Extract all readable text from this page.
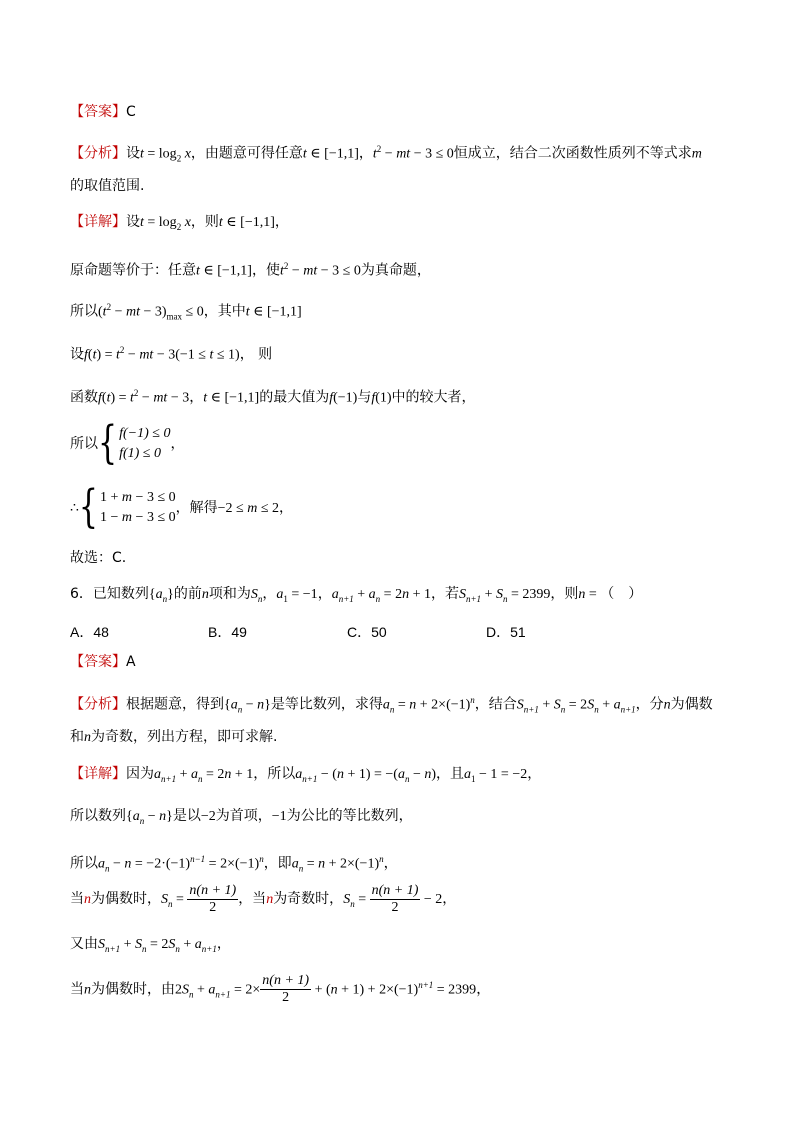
【答案】C
【分析】设$t = \log_2 x$，由题意可得任意t ∈ [−1,1]，$t^2$ − mt − 3 ≤ 0恒成立，结合二次函数性质列不等式求m
的取值范围.
【详解】设$t = \log_2 x$，则t ∈ [−1,1]，
原命题等价于：任意t ∈ [−1,1]，使$t^2$ − mt − 3 ≤ 0为真命题，
所以($t^2$ − mt − $3)_{max} \le 0$，其中t ∈ [−1,1]
设$f(t) = t^2$ − mt − 3(−1 ≤ t ≤ 1)， 则
函数$f(t) = t^2$ − mt − 3，t ∈ [−1,1]的最大值为f(−1)与f(1)中的较大者，
所以{ f(−1) ≤ 0
f(1) ≤ 0
，
∴{ 1 + m − 3 ≤ 0
1 − m − 3 ≤ 0
，解得−2 ≤ m ≤ 2，
故选：C.
6．已知数列$\{a_n\}$的前n项和为$S_n$，$a_1 = -1$，$a_{n+1} + a_n = 2n + 1$，若$S_{n+1} + S_n = 2399$，则n = （　）
A．48	B．49	C．50	D．51
【答案】A
【分析】根据题意，得到$\{a_n - n\}$是等比数列，求得$a_n = n + 2\times(-1)^n$，结合$S_{n+1} + S_n = 2S_n + a_{n+1}$，分n为偶数
和n为奇数，列出方程，即可求解.
【详解】因为$a_{n+1} + a_n = 2n + 1$，所以$a_{n+1} - (n + 1) = -(a_n - n)$，且$a_1 - 1 = -2$，
所以数列$\{a_n - n\}$是以−2为首项，−1为公比的等比数列，
所以$a_n - n = -2\cdot(-1)^{n-1} = 2\times(-1)^n$，即$a_n = n + 2\times(-1)^n$，
当n为偶数时，$S_n = \frac{n(n + 1)}{2}$ ，当n为奇数时，$S_n = \frac{n(n + 1)}{2} - 2$，
又由$S_{n+1} + S_n = 2S_n + a_{n+1}$，
当n为偶数时，由$2S_n + a_{n+1} = 2\times \frac{n(n + 1)}{2} + (n + 1) + 2\times(-1)^{n+1} = 2399$，
